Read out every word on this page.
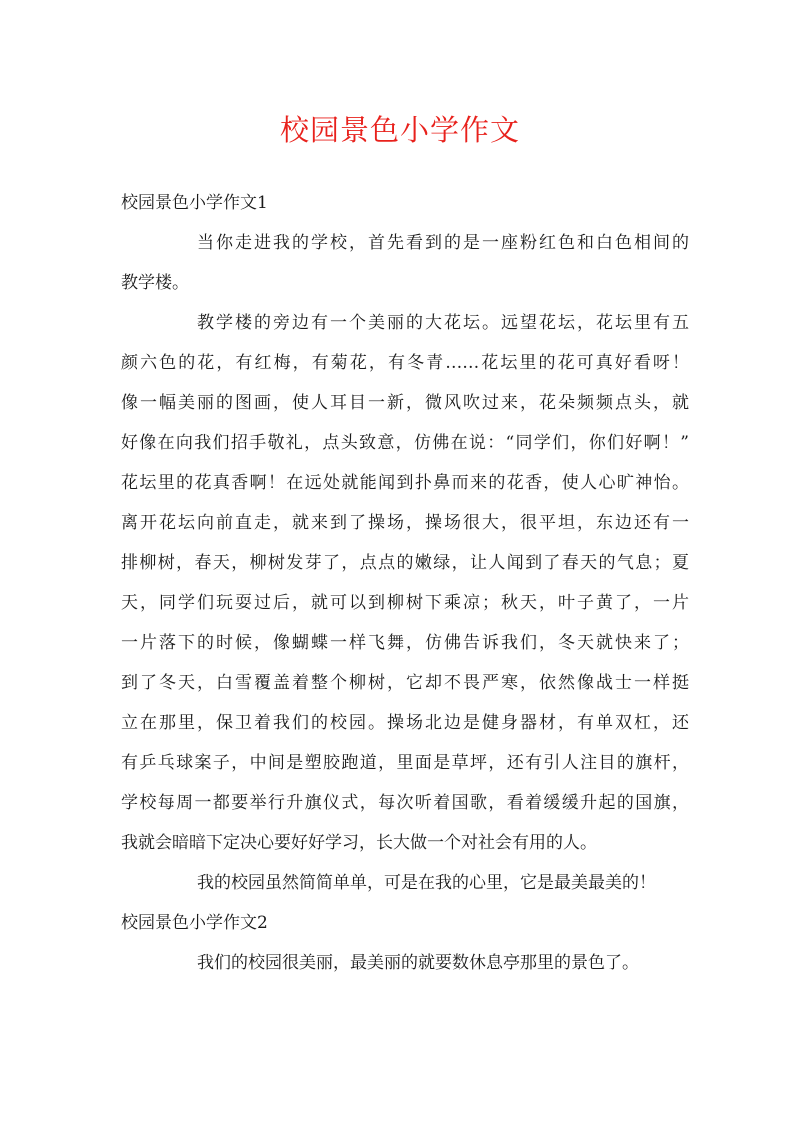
校园景色小学作文
校园景色小学作文1
当你走进我的学校，首先看到的是一座粉红色和白色相间的
教学楼。
教学楼的旁边有一个美丽的大花坛。远望花坛，花坛里有五
颜六色的花，有红梅，有菊花，有冬青……花坛里的花可真好看呀！
像一幅美丽的图画，使人耳目一新，微风吹过来，花朵频频点头，就
好像在向我们招手敬礼，点头致意，仿佛在说：“同学们，你们好啊！”
花坛里的花真香啊！在远处就能闻到扑鼻而来的花香，使人心旷神怡。
离开花坛向前直走，就来到了操场，操场很大，很平坦，东边还有一
排柳树，春天，柳树发芽了，点点的嫩绿，让人闻到了春天的气息；夏
天，同学们玩耍过后，就可以到柳树下乘凉；秋天，叶子黄了，一片
一片落下的时候，像蝴蝶一样飞舞，仿佛告诉我们，冬天就快来了；
到了冬天，白雪覆盖着整个柳树，它却不畏严寒，依然像战士一样挺
立在那里，保卫着我们的校园。操场北边是健身器材，有单双杠，还
有乒乓球案子，中间是塑胶跑道，里面是草坪，还有引人注目的旗杆，
学校每周一都要举行升旗仪式，每次听着国歌，看着缓缓升起的国旗，
我就会暗暗下定决心要好好学习，长大做一个对社会有用的人。
我的校园虽然简简单单，可是在我的心里，它是最美最美的！
校园景色小学作文2
我们的校园很美丽，最美丽的就要数休息亭那里的景色了。
